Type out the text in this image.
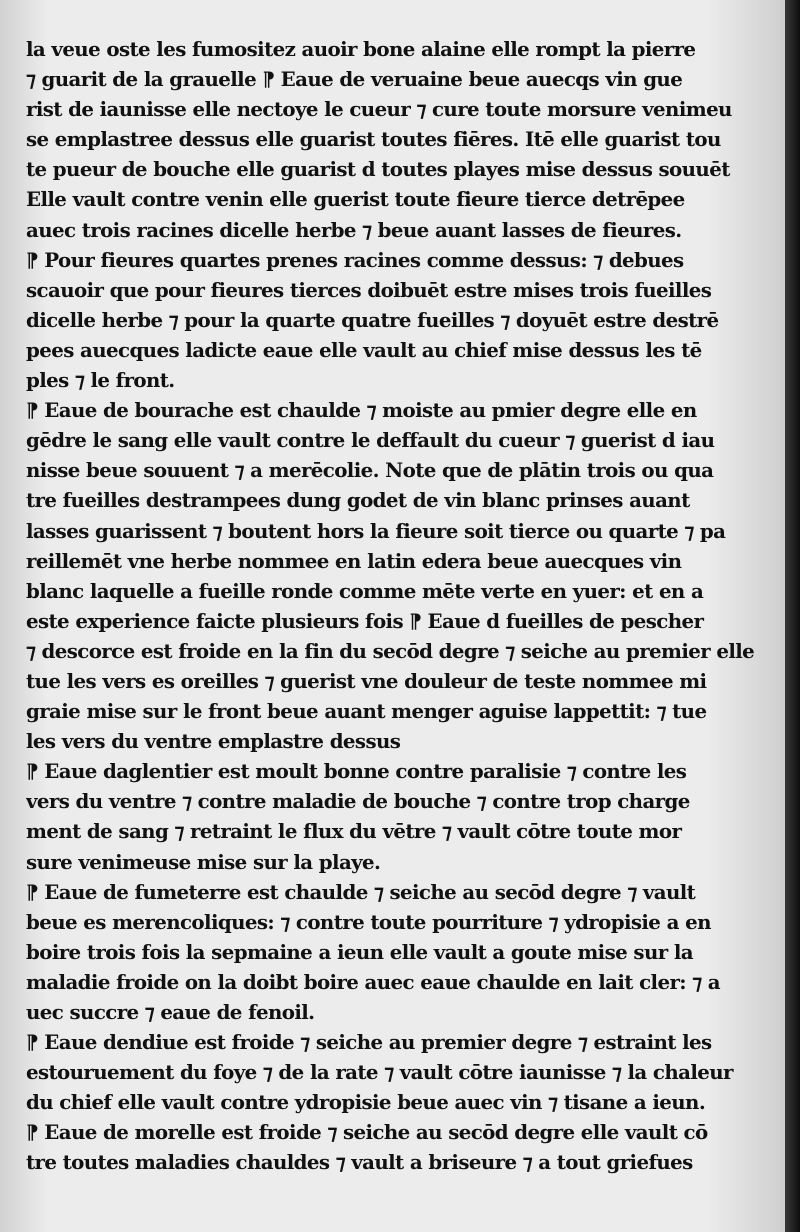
la veue oste les fumositez auoir bone alaine elle rompt la pierre
⁊ guarit de la grauelle ⁋ Eaue de veruaine beue auecqs vin gue
rist de iaunisse elle nectoye le cueur ⁊ cure toute morsure venimeu
se emplastree dessus elle guarist toutes fiēres. Itē elle guarist tou
te pueur de bouche elle guarist d toutes playes mise dessus souuēt
Elle vault contre venin elle guerist toute fieure tierce detrēpee
auec trois racines dicelle herbe ⁊ beue auant lasses de fieures.
⁋ Pour fieures quartes prenes racines comme dessus: ⁊ debues
scauoir que pour fieures tierces doibuēt estre mises trois fueilles
dicelle herbe ⁊ pour la quarte quatre fueilles ⁊ doyuēt estre destrē
pees auecques ladicte eaue elle vault au chief mise dessus les tē
ples ⁊ le front.
⁋ Eaue de bourache est chaulde ⁊ moiste au pmier degre elle en
gēdre le sang elle vault contre le deffault du cueur ⁊ guerist d iau
nisse beue souuent ⁊ a merēcolie. Note que de plātin trois ou qua
tre fueilles destrampees dung godet de vin blanc prinses auant
lasses guarissent ⁊ boutent hors la fieure soit tierce ou quarte ⁊ pa
reillemēt vne herbe nommee en latin edera beue auecques vin
blanc laquelle a fueille ronde comme mēte verte en yuer: et en a
este experience faicte plusieurs fois ⁋ Eaue d fueilles de pescher
⁊ descorce est froide en la fin du secōd degre ⁊ seiche au premier elle
tue les vers es oreilles ⁊ guerist vne douleur de teste nommee mi
graie mise sur le front beue auant menger aguise lappettit: ⁊ tue
les vers du ventre emplastre dessus
⁋ Eaue daglentier est moult bonne contre paralisie ⁊ contre les
vers du ventre ⁊ contre maladie de bouche ⁊ contre trop charge
ment de sang ⁊ retraint le flux du vētre ⁊ vault cōtre toute mor
sure venimeuse mise sur la playe.
⁋ Eaue de fumeterre est chaulde ⁊ seiche au secōd degre ⁊ vault
beue es merencoliques: ⁊ contre toute pourriture ⁊ ydropisie a en
boire trois fois la sepmaine a ieun elle vault a goute mise sur la
maladie froide on la doibt boire auec eaue chaulde en lait cler: ⁊ a
uec succre ⁊ eaue de fenoil.
⁋ Eaue dendiue est froide ⁊ seiche au premier degre ⁊ estraint les
estouruement du foye ⁊ de la rate ⁊ vault cōtre iaunisse ⁊ la chaleur
du chief elle vault contre ydropisie beue auec vin ⁊ tisane a ieun.
⁋ Eaue de morelle est froide ⁊ seiche au secōd degre elle vault cō
tre toutes maladies chauldes ⁊ vault a briseure ⁊ a tout griefues
